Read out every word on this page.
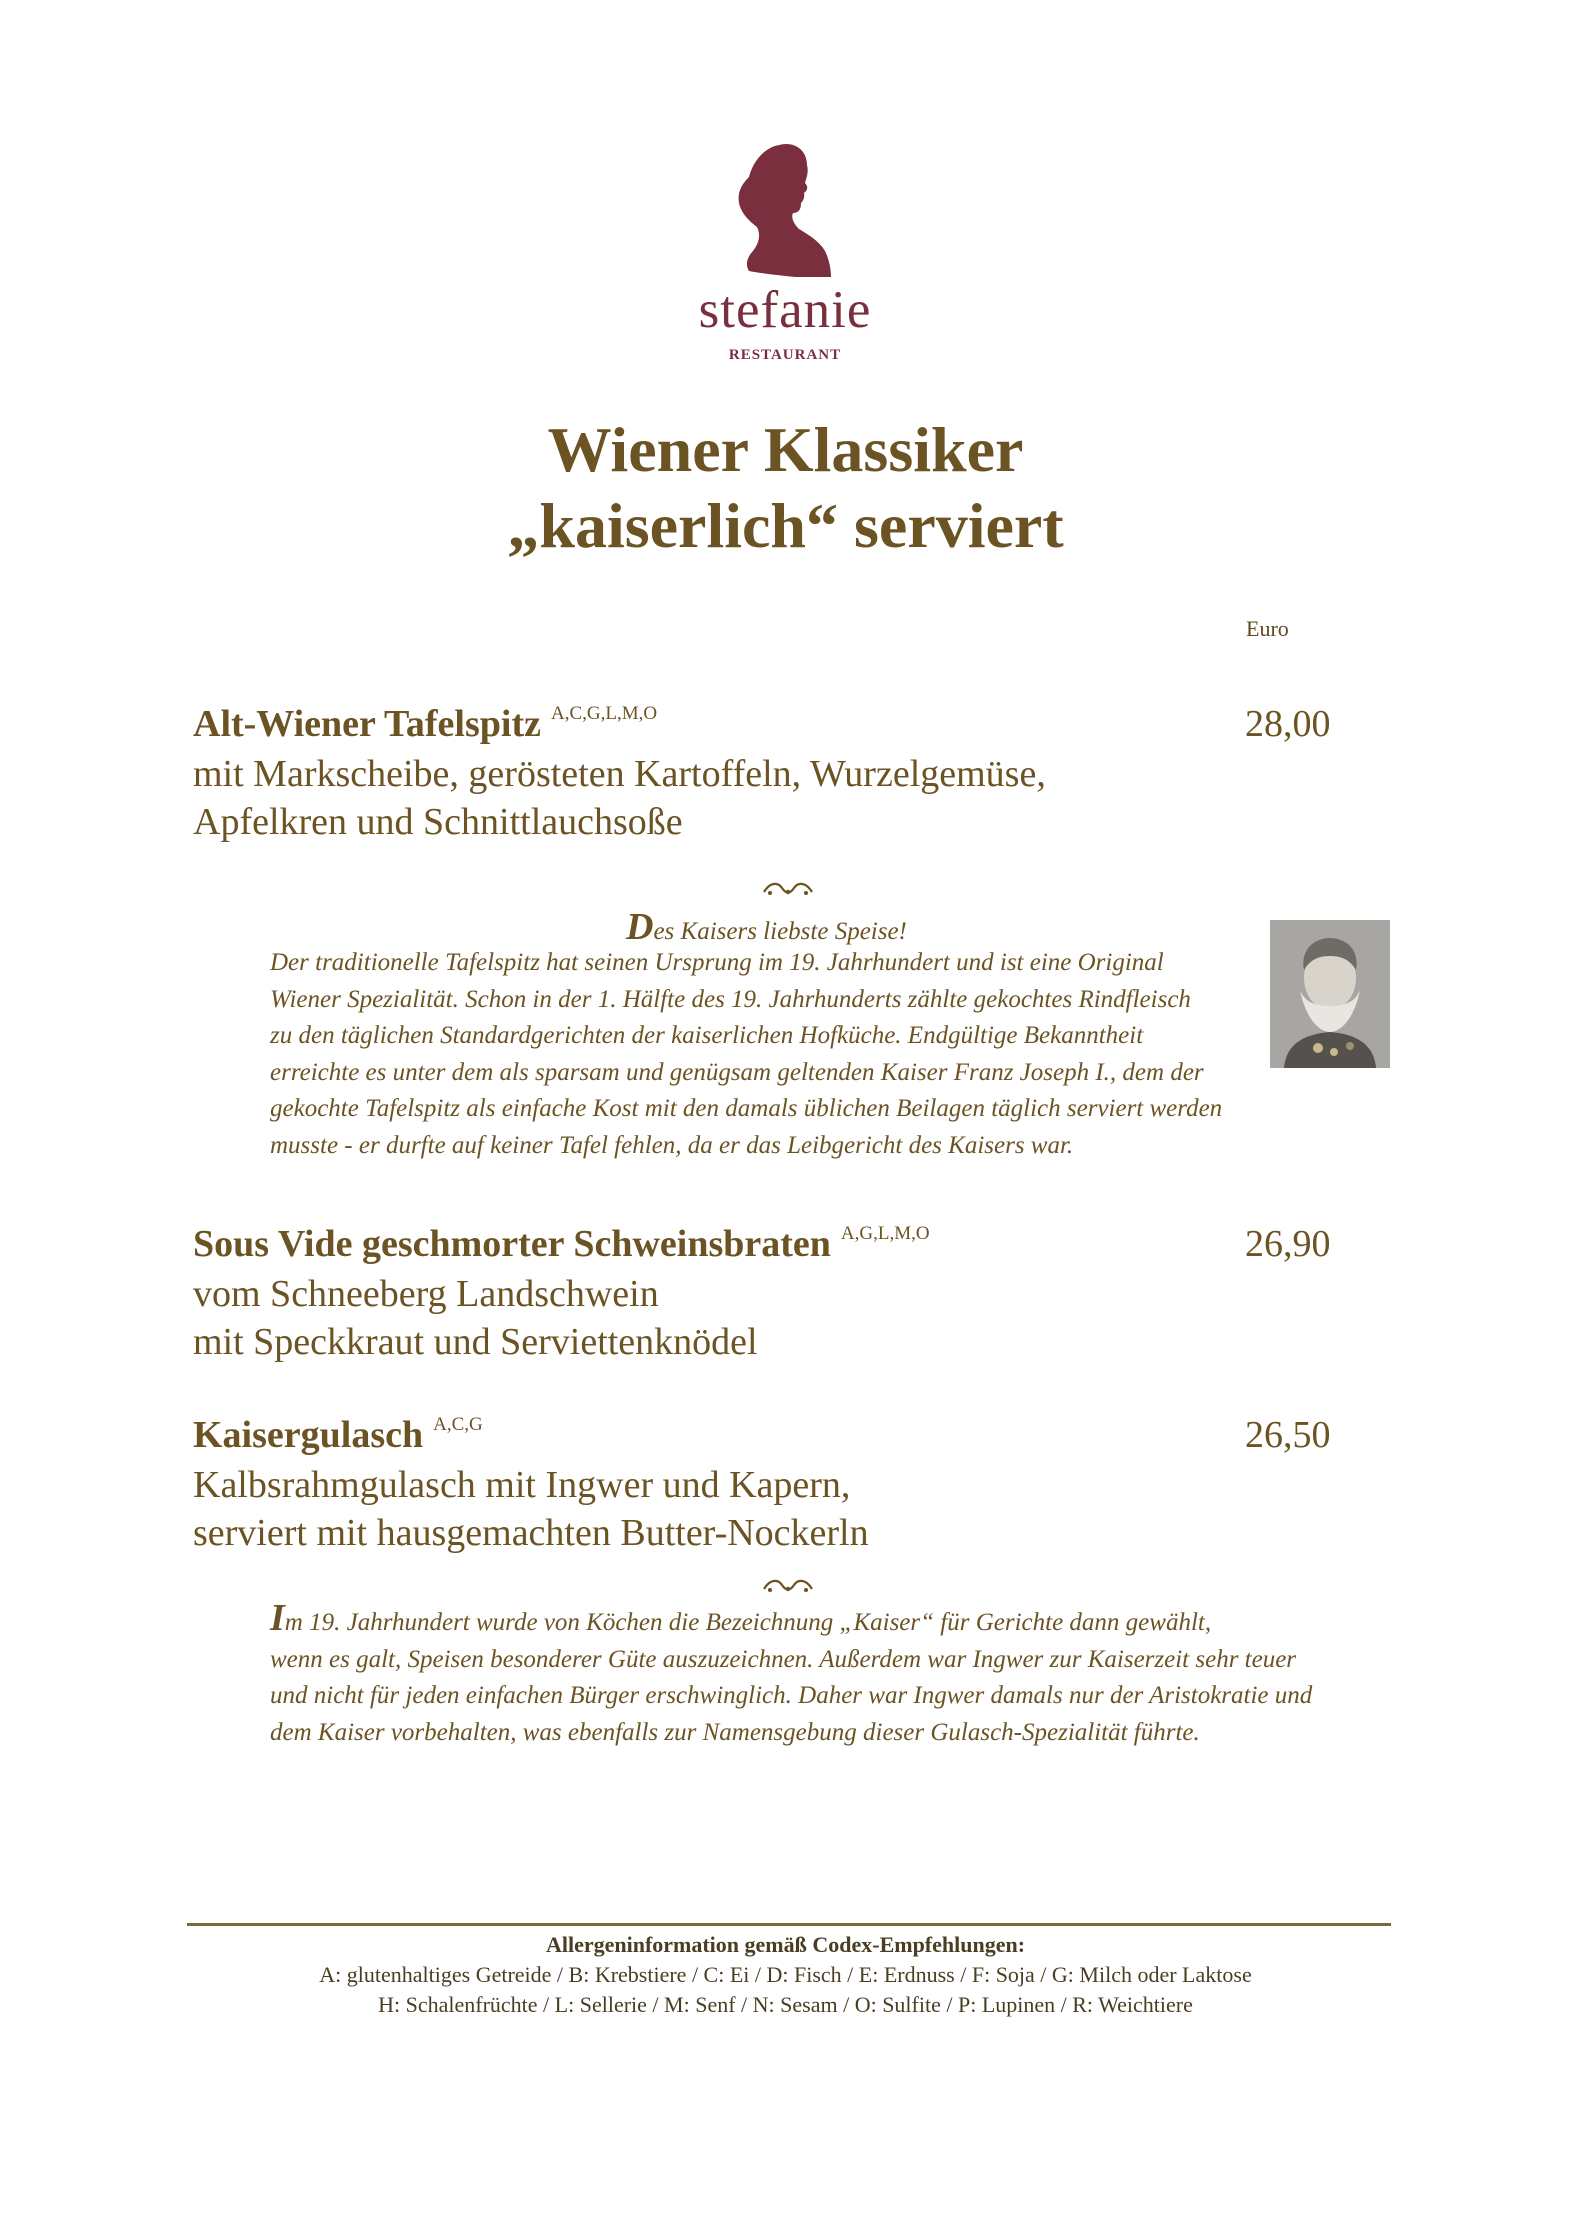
stefanie
RESTAURANT
Wiener Klassiker
„kaiserlich“ serviert
Euro
Alt-Wiener Tafelspitz $^{A,C,G,L,M,O}$	28,00
mit Markscheibe, gerösteten Kartoffeln, Wurzelgemüse,
Apfelkren und Schnittlauchsoße
Des Kaisers liebste Speise!
Der traditionelle Tafelspitz hat seinen Ursprung im 19. Jahrhundert und ist eine Original
Wiener Spezialität. Schon in der 1. Hälfte des 19. Jahrhunderts zählte gekochtes Rindfleisch
zu den täglichen Standardgerichten der kaiserlichen Hofküche. Endgültige Bekanntheit
erreichte es unter dem als sparsam und genügsam geltenden Kaiser Franz Joseph I., dem der
gekochte Tafelspitz als einfache Kost mit den damals üblichen Beilagen täglich serviert werden
musste - er durfte auf keiner Tafel fehlen, da er das Leibgericht des Kaisers war.
Sous Vide geschmorter Schweinsbraten $^{A,G,L,M,O}$	26,90
vom Schneeberg Landschwein
mit Speckkraut und Serviettenknödel
Kaisergulasch $^{A,C,G}$	26,50
Kalbsrahmgulasch mit Ingwer und Kapern,
serviert mit hausgemachten Butter-Nockerln
Im 19. Jahrhundert wurde von Köchen die Bezeichnung „Kaiser“ für Gerichte dann gewählt,
wenn es galt, Speisen besonderer Güte auszuzeichnen. Außerdem war Ingwer zur Kaiserzeit sehr teuer
und nicht für jeden einfachen Bürger erschwinglich. Daher war Ingwer damals nur der Aristokratie und
dem Kaiser vorbehalten, was ebenfalls zur Namensgebung dieser Gulasch-Spezialität führte.
Allergeninformation gemäß Codex-Empfehlungen:
A: glutenhaltiges Getreide / B: Krebstiere / C: Ei / D: Fisch / E: Erdnuss / F: Soja / G: Milch oder Laktose
H: Schalenfrüchte / L: Sellerie / M: Senf / N: Sesam / O: Sulfite / P: Lupinen / R: Weichtiere
